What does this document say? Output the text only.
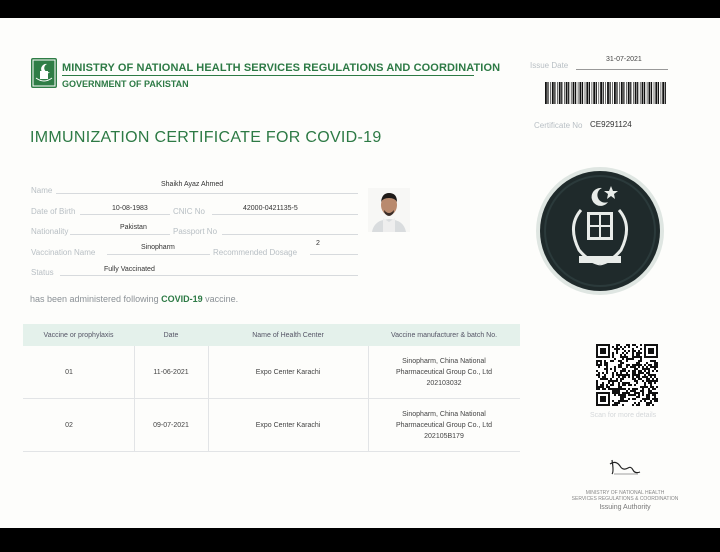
MINISTRY OF NATIONAL HEALTH SERVICES REGULATIONS AND COORDINATION
GOVERNMENT OF PAKISTAN
Issue Date
31-07-2021
Certificate No CE9291124
IMMUNIZATION CERTIFICATE FOR COVID-19
Name
Shaikh Ayaz Ahmed
Date of Birth	10-08-1983	CNIC No	42000-0421135-5
Nationality	Pakistan	Passport No
Vaccination Name
Sinopharm
Recommended Dosage
2
Status	Fully Vaccinated
has been administered following COVID-19 vaccine.
Vaccine or prophylaxis	Date	Name of Health Center	Vaccine manufacturer & batch No.
01	11-06-2021	Expo Center Karachi
Sinopharm, China National
Pharmaceutical Group Co., Ltd
202103032
02	09-07-2021	Expo Center Karachi
Sinopharm, China National
Pharmaceutical Group Co., Ltd
202105B179
Scan for more details
MINISTRY OF NATIONAL HEALTH
SERVICES REGULATIONS & COORDINATION
Issuing Authority
